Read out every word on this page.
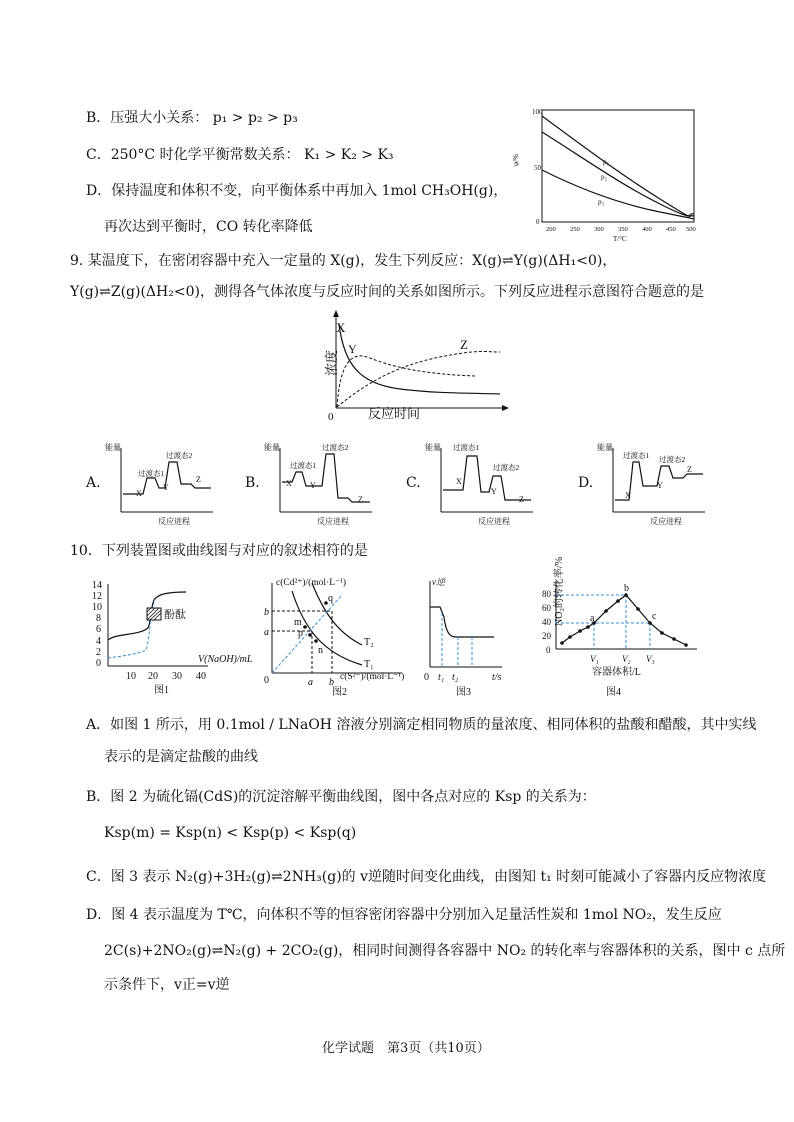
B．压强大小关系： p₁ > p₂ > p₃
C．250°C 时化学平衡常数关系： K₁ > K₂ > K₃
D．保持温度和体积不变，向平衡体系中再加入 1mol CH₃OH(g)，
再次达到平衡时，CO 转化率降低
100
50
0
φ/%
200 250 300 350 400 450 500
T/°C
p₁
p₂
p₃
9. 某温度下，在密闭容器中充入一定量的 X(g)，发生下列反应：X(g)⇌Y(g)(ΔH₁<0)，
Y(g)⇌Z(g)(ΔH₂<0)，测得各气体浓度与反应时间的关系如图所示。下列反应进程示意图符合题意的是
X
Y	Z
0
浓度
反应时间
A.
能量
过渡态1
过渡态2
X
Y
Z
反应进程
B.
能量
过渡态1
过渡态2
X Y
Z
反应进程
C.
能量 过渡态1
过渡态2
X
Y
Z
反应进程
D.
能量
过渡态1 过渡态2
X
Y
Z
反应进程
10．下列装置图或曲线图与对应的叙述相符的是
14
12
10
8
6
4
2
0
10 20 30 40
V(NaOH)/mL
图1
酚酞
c(Cd²⁺)/(mol·L⁻¹)
c(S²⁻)/(mol·L⁻¹)
b
a
0	a b
T₁
T₂
q
m
p
n
图2
v逆
t/s
0 t₁ t₂
图3
NO₂的转化率/%
0
20
40
60
80
a
b
c
V₁	V₂ V₃
容器体积/L
图4
A．如图 1 所示，用 0.1mol / LNaOH 溶液分别滴定相同物质的量浓度、相同体积的盐酸和醋酸，其中实线
表示的是滴定盐酸的曲线
B．图 2 为硫化镉(CdS)的沉淀溶解平衡曲线图，图中各点对应的 Ksp 的关系为：
Ksp(m) = Ksp(n) < Ksp(p) < Ksp(q)
C．图 3 表示 N₂(g)+3H₂(g)⇌2NH₃(g)的 v逆随时间变化曲线，由图知 t₁ 时刻可能减小了容器内反应物浓度
D．图 4 表示温度为 T℃，向体积不等的恒容密闭容器中分别加入足量活性炭和 1mol NO₂，发生反应
2C(s)+2NO₂(g)⇌N₂(g) + 2CO₂(g)，相同时间测得各容器中 NO₂ 的转化率与容器体积的关系，图中 c 点所
示条件下，v正=v逆
化学试题　第3页（共10页）
